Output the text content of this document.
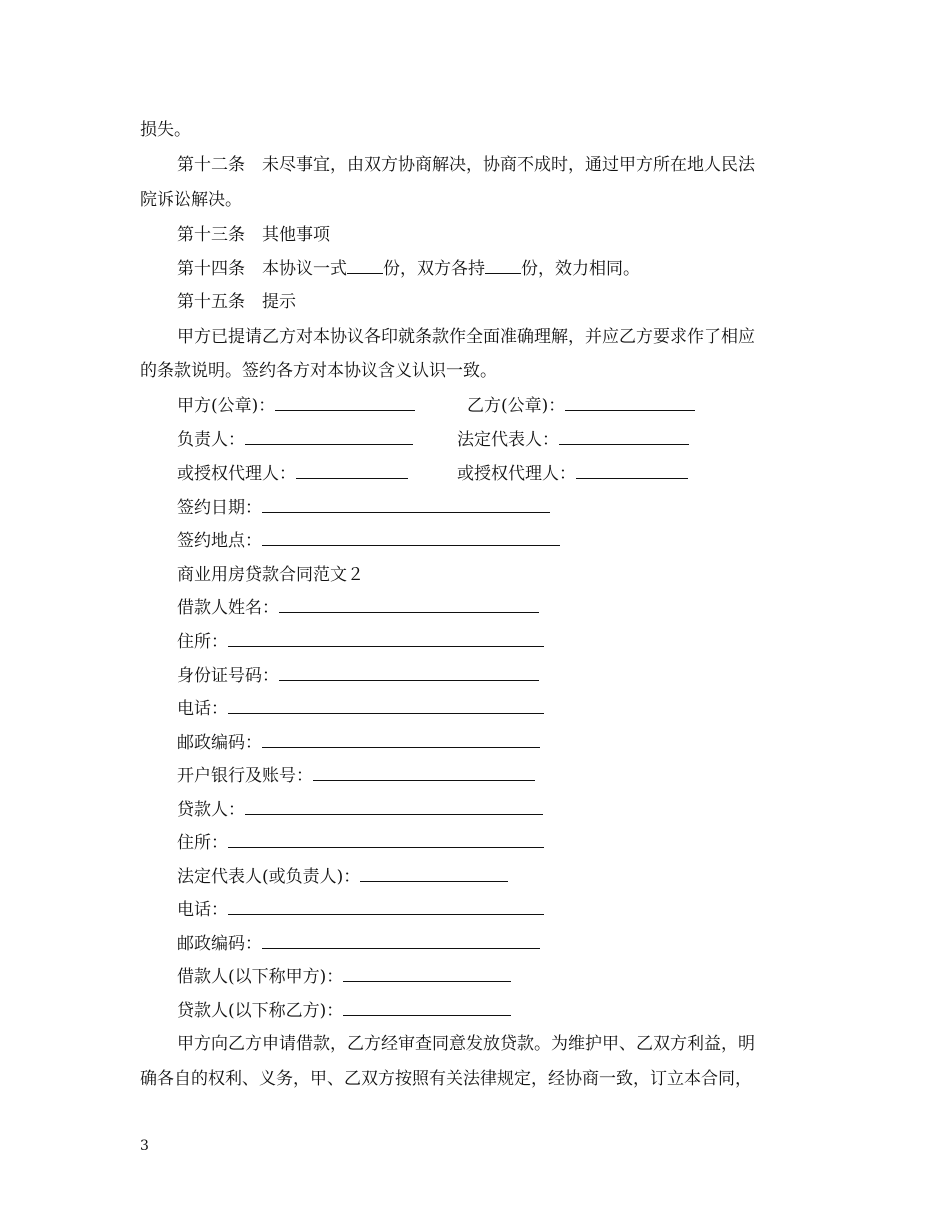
损失。
第十二条　未尽事宜，由双方协商解决，协商不成时，通过甲方所在地人民法
院诉讼解决。
第十三条　其他事项
第十四条　本协议一式 份，双方各持 份，效力相同。
第十五条　提示
甲方已提请乙方对本协议各印就条款作全面准确理解，并应乙方要求作了相应
的条款说明。签约各方对本协议含义认识一致。
甲方(公章)：	乙方(公章)：
负责人：	法定代表人：
或授权代理人：	或授权代理人：
签约日期：
签约地点：
商业用房贷款合同范文２
借款人姓名：
住所：
身份证号码：
电话：
邮政编码：
开户银行及账号：
贷款人：
住所：
法定代表人(或负责人)：
电话：
邮政编码：
借款人(以下称甲方)：
贷款人(以下称乙方)：
甲方向乙方申请借款，乙方经审查同意发放贷款。为维护甲、乙双方利益，明
确各自的权利、义务，甲、乙双方按照有关法律规定，经协商一致，订立本合同，
3
